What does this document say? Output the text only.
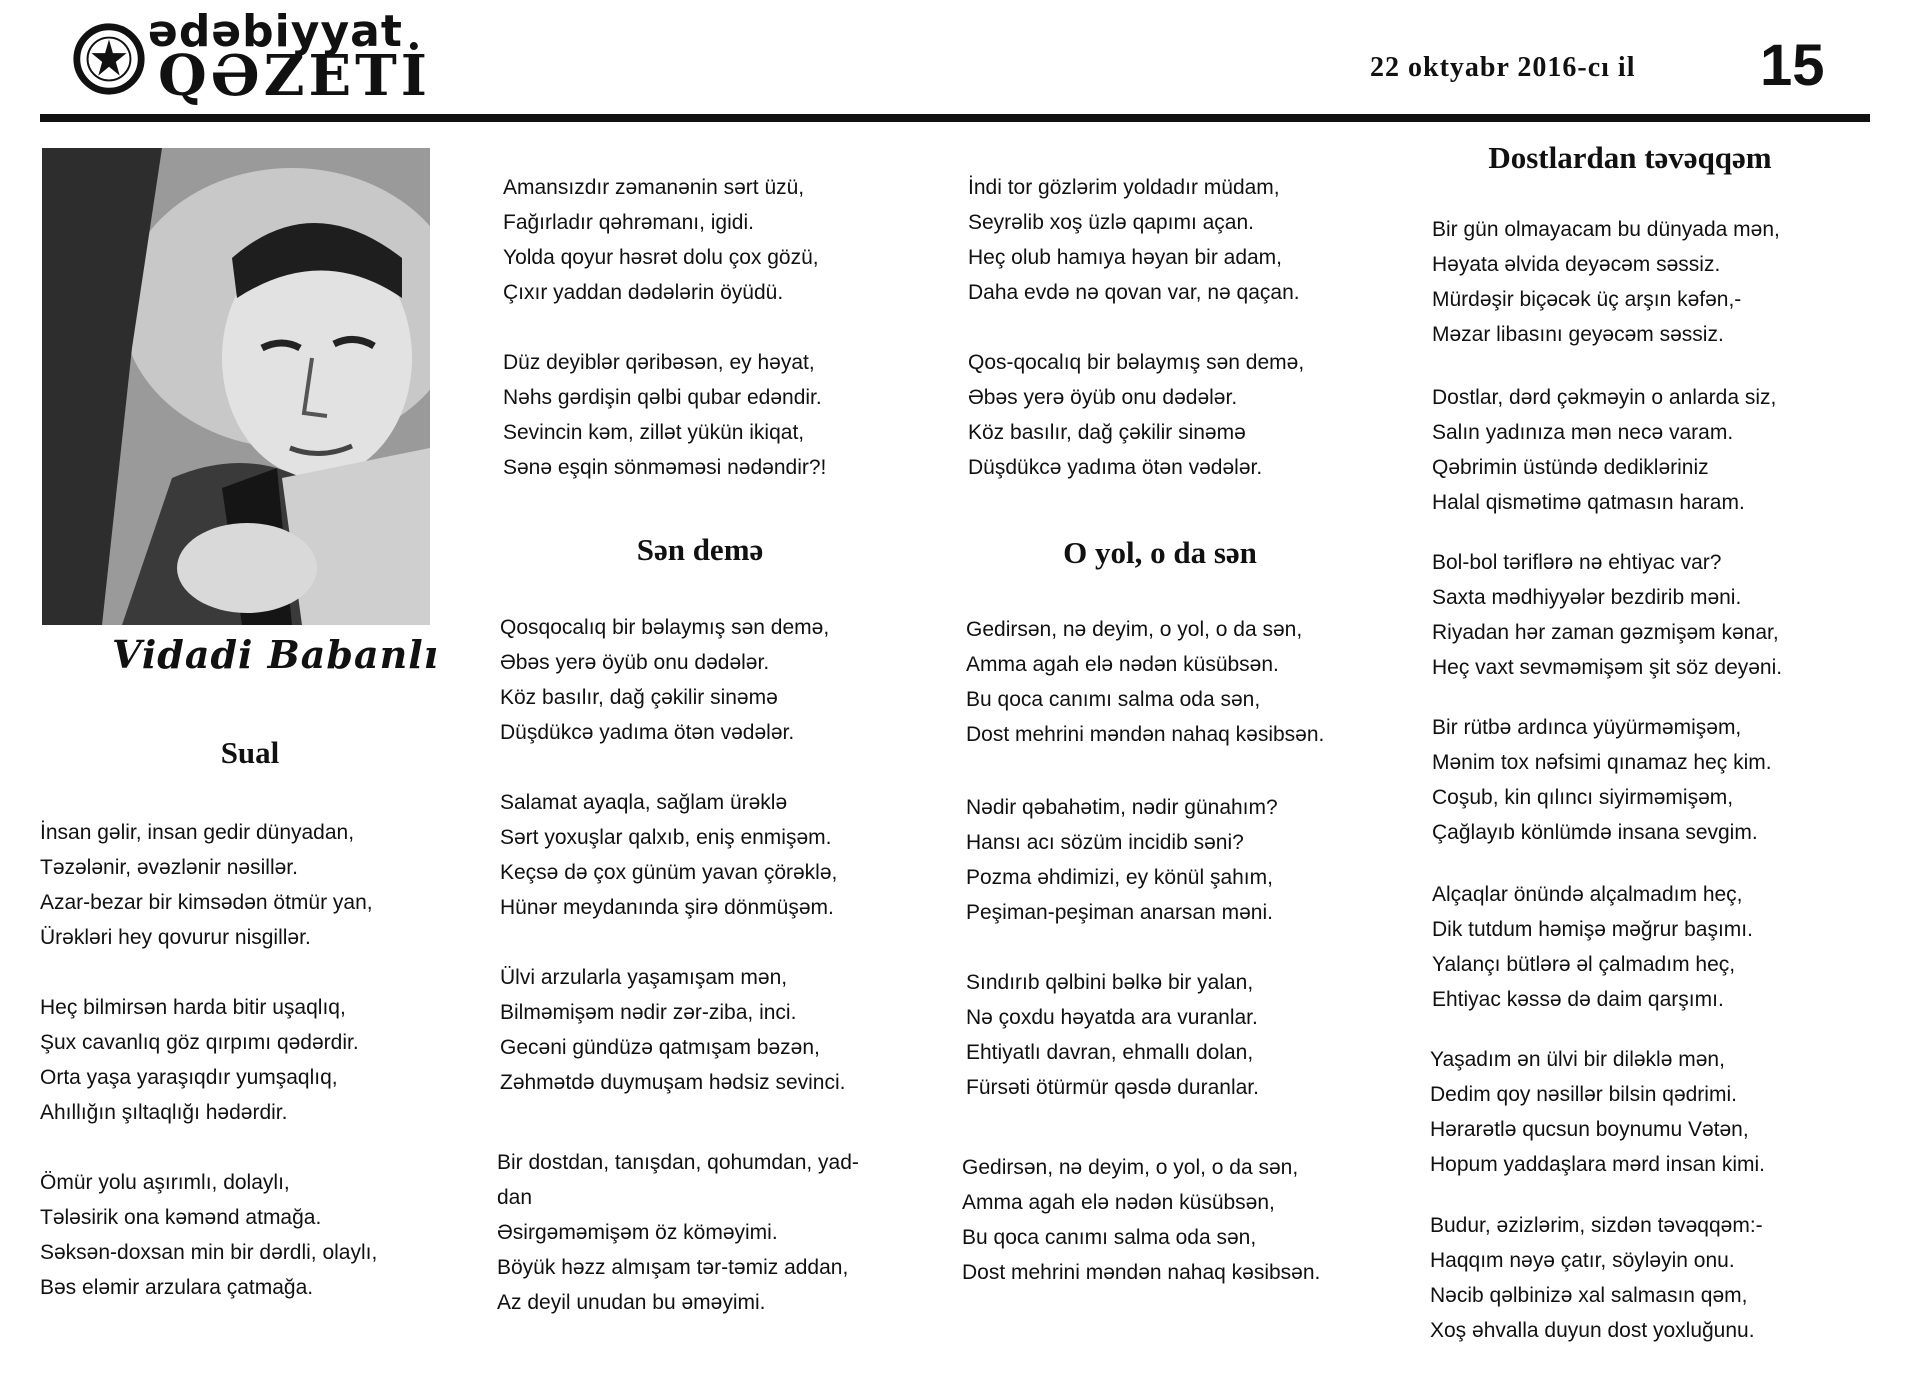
ədəbiyyat
QƏZETİ	22 oktyabr 2016-cı il 15
Vidadi Babanlı
Sual
İnsan gəlir, insan gedir dünyadan,
Təzələnir, əvəzlənir nəsillər.
Azar-bezar bir kimsədən ötmür yan,
Ürəkləri hey qovurur nisgillər.
Heç bilmirsən harda bitir uşaqlıq,
Şux cavanlıq göz qırpımı qədərdir.
Orta yaşa yaraşıqdır yumşaqlıq,
Ahıllığın şıltaqlığı hədərdir.
Ömür yolu aşırımlı, dolaylı,
Tələsirik ona kəmənd atmağa.
Səksən-doxsan min bir dərdli, olaylı,
Bəs eləmir arzulara çatmağa.
Amansızdır zəmanənin sərt üzü,
Fağırladır qəhrəmanı, igidi.
Yolda qoyur həsrət dolu çox gözü,
Çıxır yaddan dədələrin öyüdü.
Düz deyiblər qəribəsən, ey həyat,
Nəhs gərdişin qəlbi qubar edəndir.
Sevincin kəm, zillət yükün ikiqat,
Sənə eşqin sönməməsi nədəndir?!
Sən demə
Qosqocalıq bir bəlaymış sən demə,
Əbəs yerə öyüb onu dədələr.
Köz basılır, dağ çəkilir sinəmə
Düşdükcə yadıma ötən vədələr.
Salamat ayaqla, sağlam ürəklə
Sərt yoxuşlar qalxıb, eniş enmişəm.
Keçsə də çox günüm yavan çörəklə,
Hünər meydanında şirə dönmüşəm.
Ülvi arzularla yaşamışam mən,
Bilməmişəm nədir zər-ziba, inci.
Gecəni gündüzə qatmışam bəzən,
Zəhmətdə duymuşam hədsiz sevinci.
Bir dostdan, tanışdan, qohumdan, yad-
dan
Əsirgəməmişəm öz köməyimi.
Böyük həzz almışam tər-təmiz addan,
Az deyil unudan bu əməyimi.
İndi tor gözlərim yoldadır müdam,
Seyrəlib xoş üzlə qapımı açan.
Heç olub hamıya həyan bir adam,
Daha evdə nə qovan var, nə qaçan.
Qos-qocalıq bir bəlaymış sən demə,
Əbəs yerə öyüb onu dədələr.
Köz basılır, dağ çəkilir sinəmə
Düşdükcə yadıma ötən vədələr.
O yol, o da sən
Gedirsən, nə deyim, o yol, o da sən,
Amma agah elə nədən küsübsən.
Bu qoca canımı salma oda sən,
Dost mehrini məndən nahaq kəsibsən.
Nədir qəbahətim, nədir günahım?
Hansı acı sözüm incidib səni?
Pozma əhdimizi, ey könül şahım,
Peşiman-peşiman anarsan məni.
Sındırıb qəlbini bəlkə bir yalan,
Nə çoxdu həyatda ara vuranlar.
Ehtiyatlı davran, ehmallı dolan,
Fürsəti ötürmür qəsdə duranlar.
Gedirsən, nə deyim, o yol, o da sən,
Amma agah elə nədən küsübsən,
Bu qoca canımı salma oda sən,
Dost mehrini məndən nahaq kəsibsən.
Dostlardan təvəqqəm
Bir gün olmayacam bu dünyada mən,
Həyata əlvida deyəcəm səssiz.
Mürdəşir biçəcək üç arşın kəfən,-
Məzar libasını geyəcəm səssiz.
Dostlar, dərd çəkməyin o anlarda siz,
Salın yadınıza mən necə varam.
Qəbrimin üstündə dedikləriniz
Halal qismətimə qatmasın haram.
Bol-bol təriflərə nə ehtiyac var?
Saxta mədhiyyələr bezdirib məni.
Riyadan hər zaman gəzmişəm kənar,
Heç vaxt sevməmişəm şit söz deyəni.
Bir rütbə ardınca yüyürməmişəm,
Mənim tox nəfsimi qınamaz heç kim.
Coşub, kin qılıncı siyirməmişəm,
Çağlayıb könlümdə insana sevgim.
Alçaqlar önündə alçalmadım heç,
Dik tutdum həmişə məğrur başımı.
Yalançı bütlərə əl çalmadım heç,
Ehtiyac kəssə də daim qarşımı.
Yaşadım ən ülvi bir diləklə mən,
Dedim qoy nəsillər bilsin qədrimi.
Hərarətlə qucsun boynumu Vətən,
Hopum yaddaşlara mərd insan kimi.
Budur, əzizlərim, sizdən təvəqqəm:-
Haqqım nəyə çatır, söyləyin onu.
Nəcib qəlbinizə xal salmasın qəm,
Xoş əhvalla duyun dost yoxluğunu.
